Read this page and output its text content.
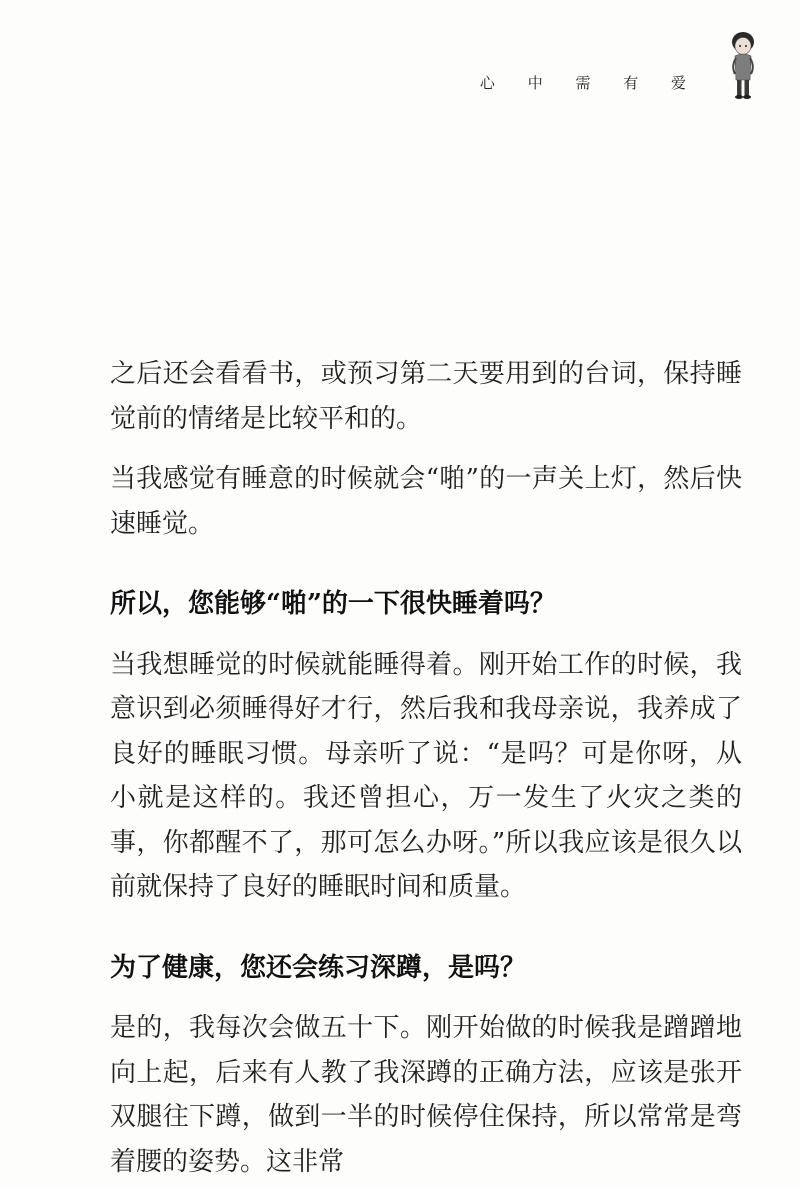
心 中 需 有 爱

之后还会看看书，或预习第二天要用到的台词，保持睡觉前的情绪是比较平和的。

当我感觉有睡意的时候就会“啪”的一声关上灯，然后快速睡觉。

所以，您能够“啪”的一下很快睡着吗？

当我想睡觉的时候就能睡得着。刚开始工作的时候，我意识到必须睡得好才行，然后我和我母亲说，我养成了良好的睡眠习惯。母亲听了说：“是吗？可是你呀，从小就是这样的。我还曾担心，万一发生了火灾之类的事，你都醒不了，那可怎么办呀。”所以我应该是很久以前就保持了良好的睡眠时间和质量。

为了健康，您还会练习深蹲，是吗？

是的，我每次会做五十下。刚开始做的时候我是蹭蹭地向上起，后来有人教了我深蹲的正确方法，应该是张开双腿往下蹲，做到一半的时候停住保持，所以常常是弯着腰的姿势。这非常
